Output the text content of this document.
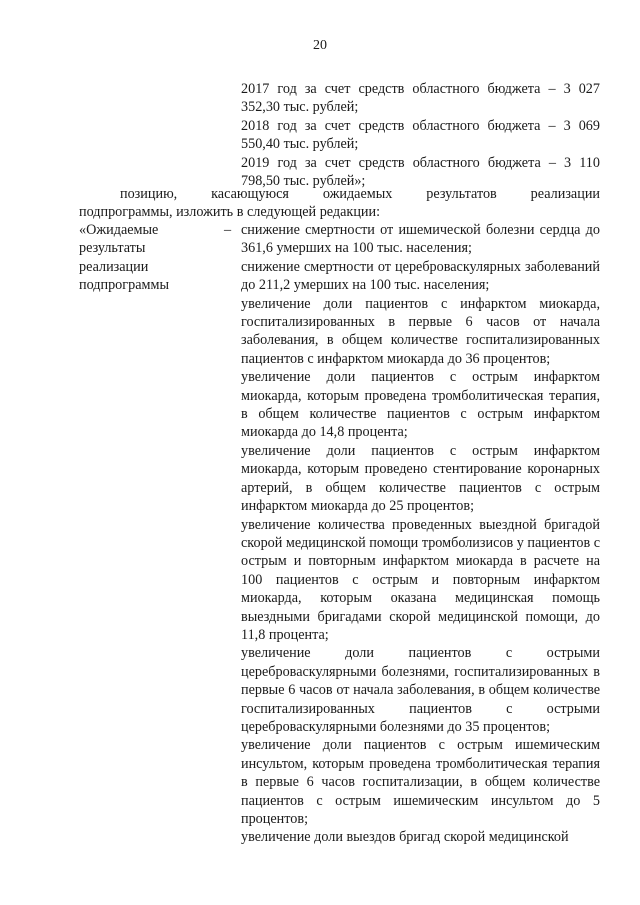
20

2017 год за счет средств областного бюджета – 3 027 352,30 тыс. рублей;

2018 год за счет средств областного бюджета – 3 069 550,40 тыс. рублей;

2019 год за счет средств областного бюджета – 3 110 798,50 тыс. рублей»;

позицию, касающуюся ожидаемых результатов реализации

подпрограммы, изложить в следующей редакции:

«Ожидаемые
результаты
реализации
подпрограммы
– снижение смертности от ишемической болезни сердца до 361,6 умерших на 100 тыс. населения;

снижение смертности от цереброваскулярных заболеваний до 211,2 умерших на 100 тыс. населения;

увеличение доли пациентов с инфарктом миокарда, госпитализированных в первые 6 часов от начала заболевания, в общем количестве госпитализированных пациентов с инфарктом миокарда до 36 процентов;

увеличение доли пациентов с острым инфарктом миокарда, которым проведена тромболитическая терапия, в общем количестве пациентов с острым инфарктом миокарда до 14,8 процента;

увеличение доли пациентов с острым инфарктом миокарда, которым проведено стентирование коронарных артерий, в общем количестве пациентов с острым инфарктом миокарда до 25 процентов;

увеличение количества проведенных выездной бригадой скорой медицинской помощи тромболизисов у пациентов с острым и повторным инфарктом миокарда в расчете на 100 пациентов с острым и повторным инфарктом миокарда, которым оказана медицинская помощь выездными бригадами скорой медицинской помощи, до 11,8 процента;

увеличение доли пациентов с острыми цереброваскулярными болезнями, госпитализированных в первые 6 часов от начала заболевания, в общем количестве госпитализированных пациентов с острыми цереброваскулярными болезнями до 35 процентов;

увеличение доли пациентов с острым ишемическим инсультом, которым проведена тромболитическая терапия в первые 6 часов госпитализации, в общем количестве пациентов с острым ишемическим инсультом до 5 процентов;

увеличение доли выездов бригад скорой медицинской
